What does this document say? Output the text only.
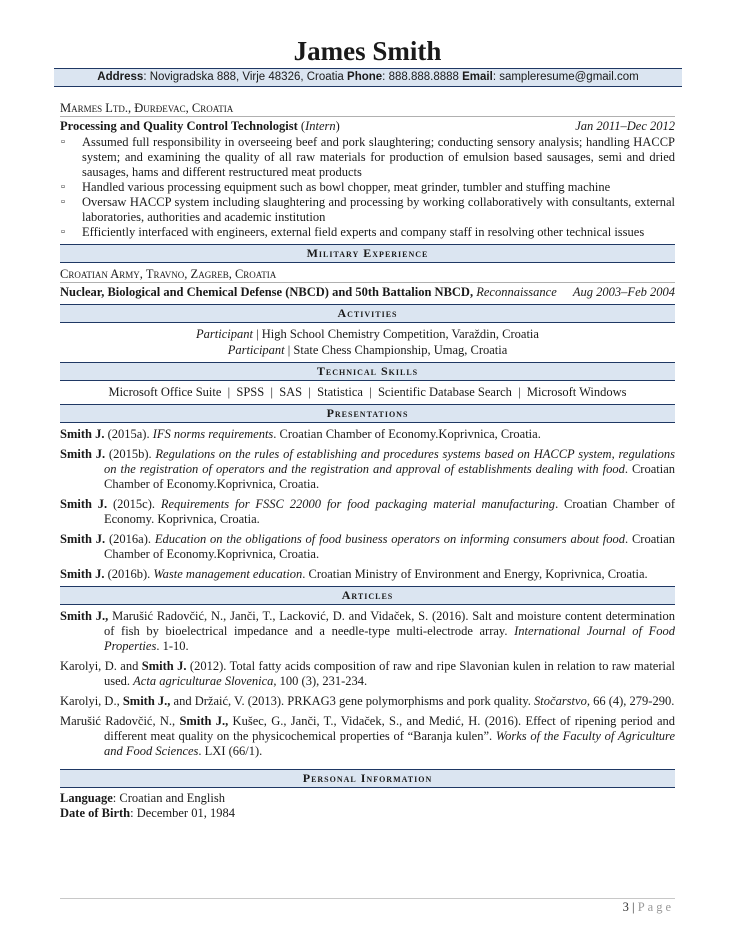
James Smith
Address: Novigradska 888, Virje 48326, Croatia Phone: 888.888.8888 Email: sampleresume@gmail.com
Marmes Ltd., Đurđevac, Croatia
Processing and Quality Control Technologist (Intern)	Jan 2011–Dec 2012
▫ Assumed full responsibility in overseeing beef and pork slaughtering; conducting sensory analysis; handling HACCP system; and examining the quality of all raw materials for production of emulsion based sausages, semi and dried sausages, hams and different restructured meat products
▫ Handled various processing equipment such as bowl chopper, meat grinder, tumbler and stuffing machine
▫ Oversaw HACCP system including slaughtering and processing by working collaboratively with consultants, external laboratories, authorities and academic institution
▫ Efficiently interfaced with engineers, external field experts and company staff in resolving other technical issues
Military Experience
Croatian Army, Travno, Zagreb, Croatia
Nuclear, Biological and Chemical Defense (NBCD) and 50th Battalion NBCD, Reconnaissance Aug 2003–Feb 2004
Activities
Participant | High School Chemistry Competition, Varaždin, Croatia
Participant | State Chess Championship, Umag, Croatia
Technical Skills
Microsoft Office Suite  |  SPSS  |  SAS  |  Statistica  |  Scientific Database Search  |  Microsoft Windows
Presentations
Smith J. (2015a). IFS norms requirements. Croatian Chamber of Economy.Koprivnica, Croatia.
Smith J. (2015b). Regulations on the rules of establishing and procedures systems based on HACCP system, regulations on the registration of operators and the registration and approval of establishments dealing with food. Croatian Chamber of Economy.Koprivnica, Croatia.
Smith J. (2015c). Requirements for FSSC 22000 for food packaging material manufacturing. Croatian Chamber of Economy. Koprivnica, Croatia.
Smith J. (2016a). Education on the obligations of food business operators on informing consumers about food. Croatian Chamber of Economy.Koprivnica, Croatia.
Smith J. (2016b). Waste management education. Croatian Ministry of Environment and Energy, Koprivnica, Croatia.
Articles
Smith J., Marušić Radovčić, N., Janči, T., Lacković, D. and Vidaček, S. (2016). Salt and moisture content determination of fish by bioelectrical impedance and a needle-type multi-electrode array. International Journal of Food Properties. 1-10.
Karolyi, D. and Smith J. (2012). Total fatty acids composition of raw and ripe Slavonian kulen in relation to raw material used. Acta agriculturae Slovenica, 100 (3), 231-234.
Karolyi, D., Smith J., and Držaić, V. (2013). PRKAG3 gene polymorphisms and pork quality. Stočarstvo, 66 (4), 279-290.
Marušić Radovčić, N., Smith J., Kušec, G., Janči, T., Vidaček, S., and Medić, H. (2016). Effect of ripening period and different meat quality on the physicochemical properties of “Baranja kulen”. Works of the Faculty of Agriculture and Food Sciences. LXI (66/1).
Personal Information
Language: Croatian and English
Date of Birth: December 01, 1984
3 | Page
